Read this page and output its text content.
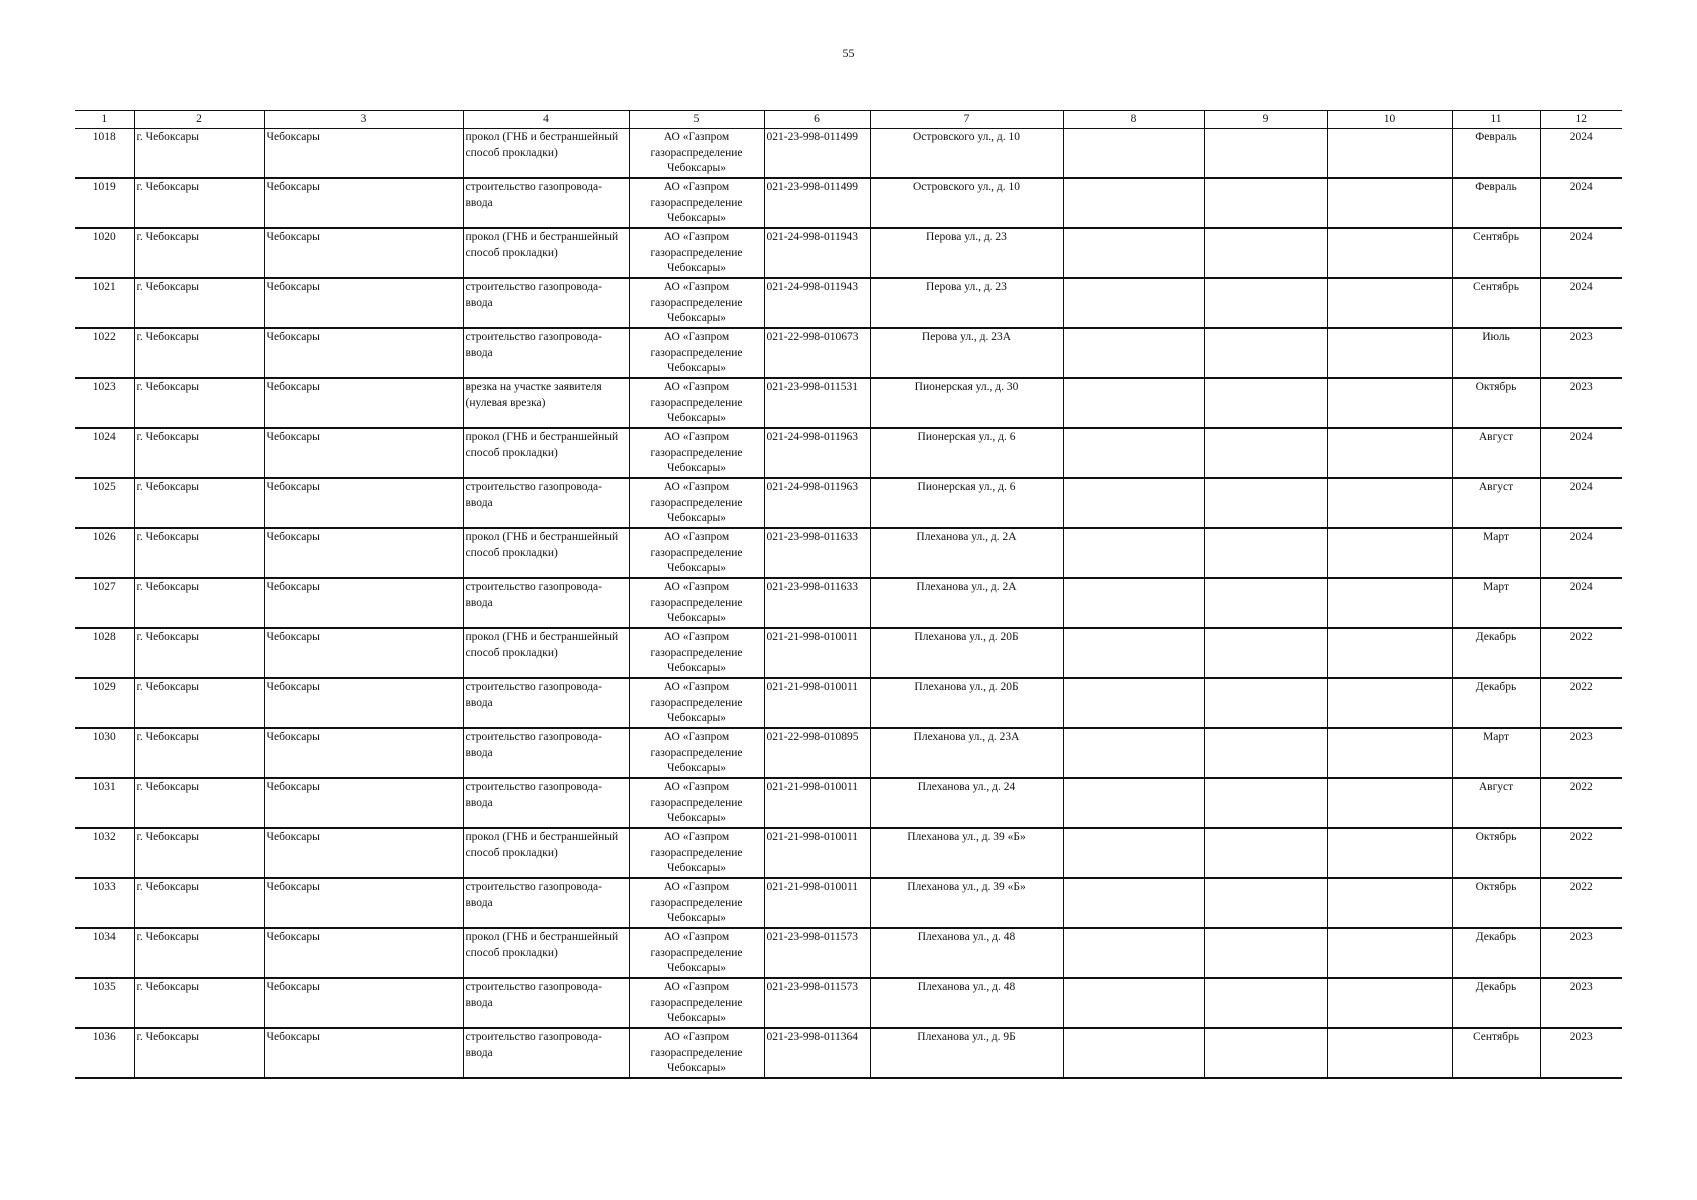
55
1	2	3	4	5	6	7	8	9	10	11	12
1018	г. Чебоксары	Чебоксары	прокол (ГНБ и бестраншейный способ прокладки)	АО «Газпром газораспределение Чебоксары»	021-23-998-011499	Островского ул., д. 10				Февраль	2024
1019	г. Чебоксары	Чебоксары	строительство газопровода-ввода	АО «Газпром газораспределение Чебоксары»	021-23-998-011499	Островского ул., д. 10				Февраль	2024
1020	г. Чебоксары	Чебоксары	прокол (ГНБ и бестраншейный способ прокладки)	АО «Газпром газораспределение Чебоксары»	021-24-998-011943	Перова ул., д. 23				Сентябрь	2024
1021	г. Чебоксары	Чебоксары	строительство газопровода-ввода	АО «Газпром газораспределение Чебоксары»	021-24-998-011943	Перова ул., д. 23				Сентябрь	2024
1022	г. Чебоксары	Чебоксары	строительство газопровода-ввода	АО «Газпром газораспределение Чебоксары»	021-22-998-010673	Перова ул., д. 23А				Июль	2023
1023	г. Чебоксары	Чебоксары	врезка на участке заявителя (нулевая врезка)	АО «Газпром газораспределение Чебоксары»	021-23-998-011531	Пионерская ул., д. 30				Октябрь	2023
1024	г. Чебоксары	Чебоксары	прокол (ГНБ и бестраншейный способ прокладки)	АО «Газпром газораспределение Чебоксары»	021-24-998-011963	Пионерская ул., д. 6				Август	2024
1025	г. Чебоксары	Чебоксары	строительство газопровода-ввода	АО «Газпром газораспределение Чебоксары»	021-24-998-011963	Пионерская ул., д. 6				Август	2024
1026	г. Чебоксары	Чебоксары	прокол (ГНБ и бестраншейный способ прокладки)	АО «Газпром газораспределение Чебоксары»	021-23-998-011633	Плеханова ул., д. 2А				Март	2024
1027	г. Чебоксары	Чебоксары	строительство газопровода-ввода	АО «Газпром газораспределение Чебоксары»	021-23-998-011633	Плеханова ул., д. 2А				Март	2024
1028	г. Чебоксары	Чебоксары	прокол (ГНБ и бестраншейный способ прокладки)	АО «Газпром газораспределение Чебоксары»	021-21-998-010011	Плеханова ул., д. 20Б				Декабрь	2022
1029	г. Чебоксары	Чебоксары	строительство газопровода-ввода	АО «Газпром газораспределение Чебоксары»	021-21-998-010011	Плеханова ул., д. 20Б				Декабрь	2022
1030	г. Чебоксары	Чебоксары	строительство газопровода-ввода	АО «Газпром газораспределение Чебоксары»	021-22-998-010895	Плеханова ул., д. 23А				Март	2023
1031	г. Чебоксары	Чебоксары	строительство газопровода-ввода	АО «Газпром газораспределение Чебоксары»	021-21-998-010011	Плеханова ул., д. 24				Август	2022
1032	г. Чебоксары	Чебоксары	прокол (ГНБ и бестраншейный способ прокладки)	АО «Газпром газораспределение Чебоксары»	021-21-998-010011	Плеханова ул., д. 39 «Б»				Октябрь	2022
1033	г. Чебоксары	Чебоксары	строительство газопровода-ввода	АО «Газпром газораспределение Чебоксары»	021-21-998-010011	Плеханова ул., д. 39 «Б»				Октябрь	2022
1034	г. Чебоксары	Чебоксары	прокол (ГНБ и бестраншейный способ прокладки)	АО «Газпром газораспределение Чебоксары»	021-23-998-011573	Плеханова ул., д. 48				Декабрь	2023
1035	г. Чебоксары	Чебоксары	строительство газопровода-ввода	АО «Газпром газораспределение Чебоксары»	021-23-998-011573	Плеханова ул., д. 48				Декабрь	2023
1036	г. Чебоксары	Чебоксары	строительство газопровода-ввода	АО «Газпром газораспределение Чебоксары»	021-23-998-011364	Плеханова ул., д. 9Б				Сентябрь	2023
